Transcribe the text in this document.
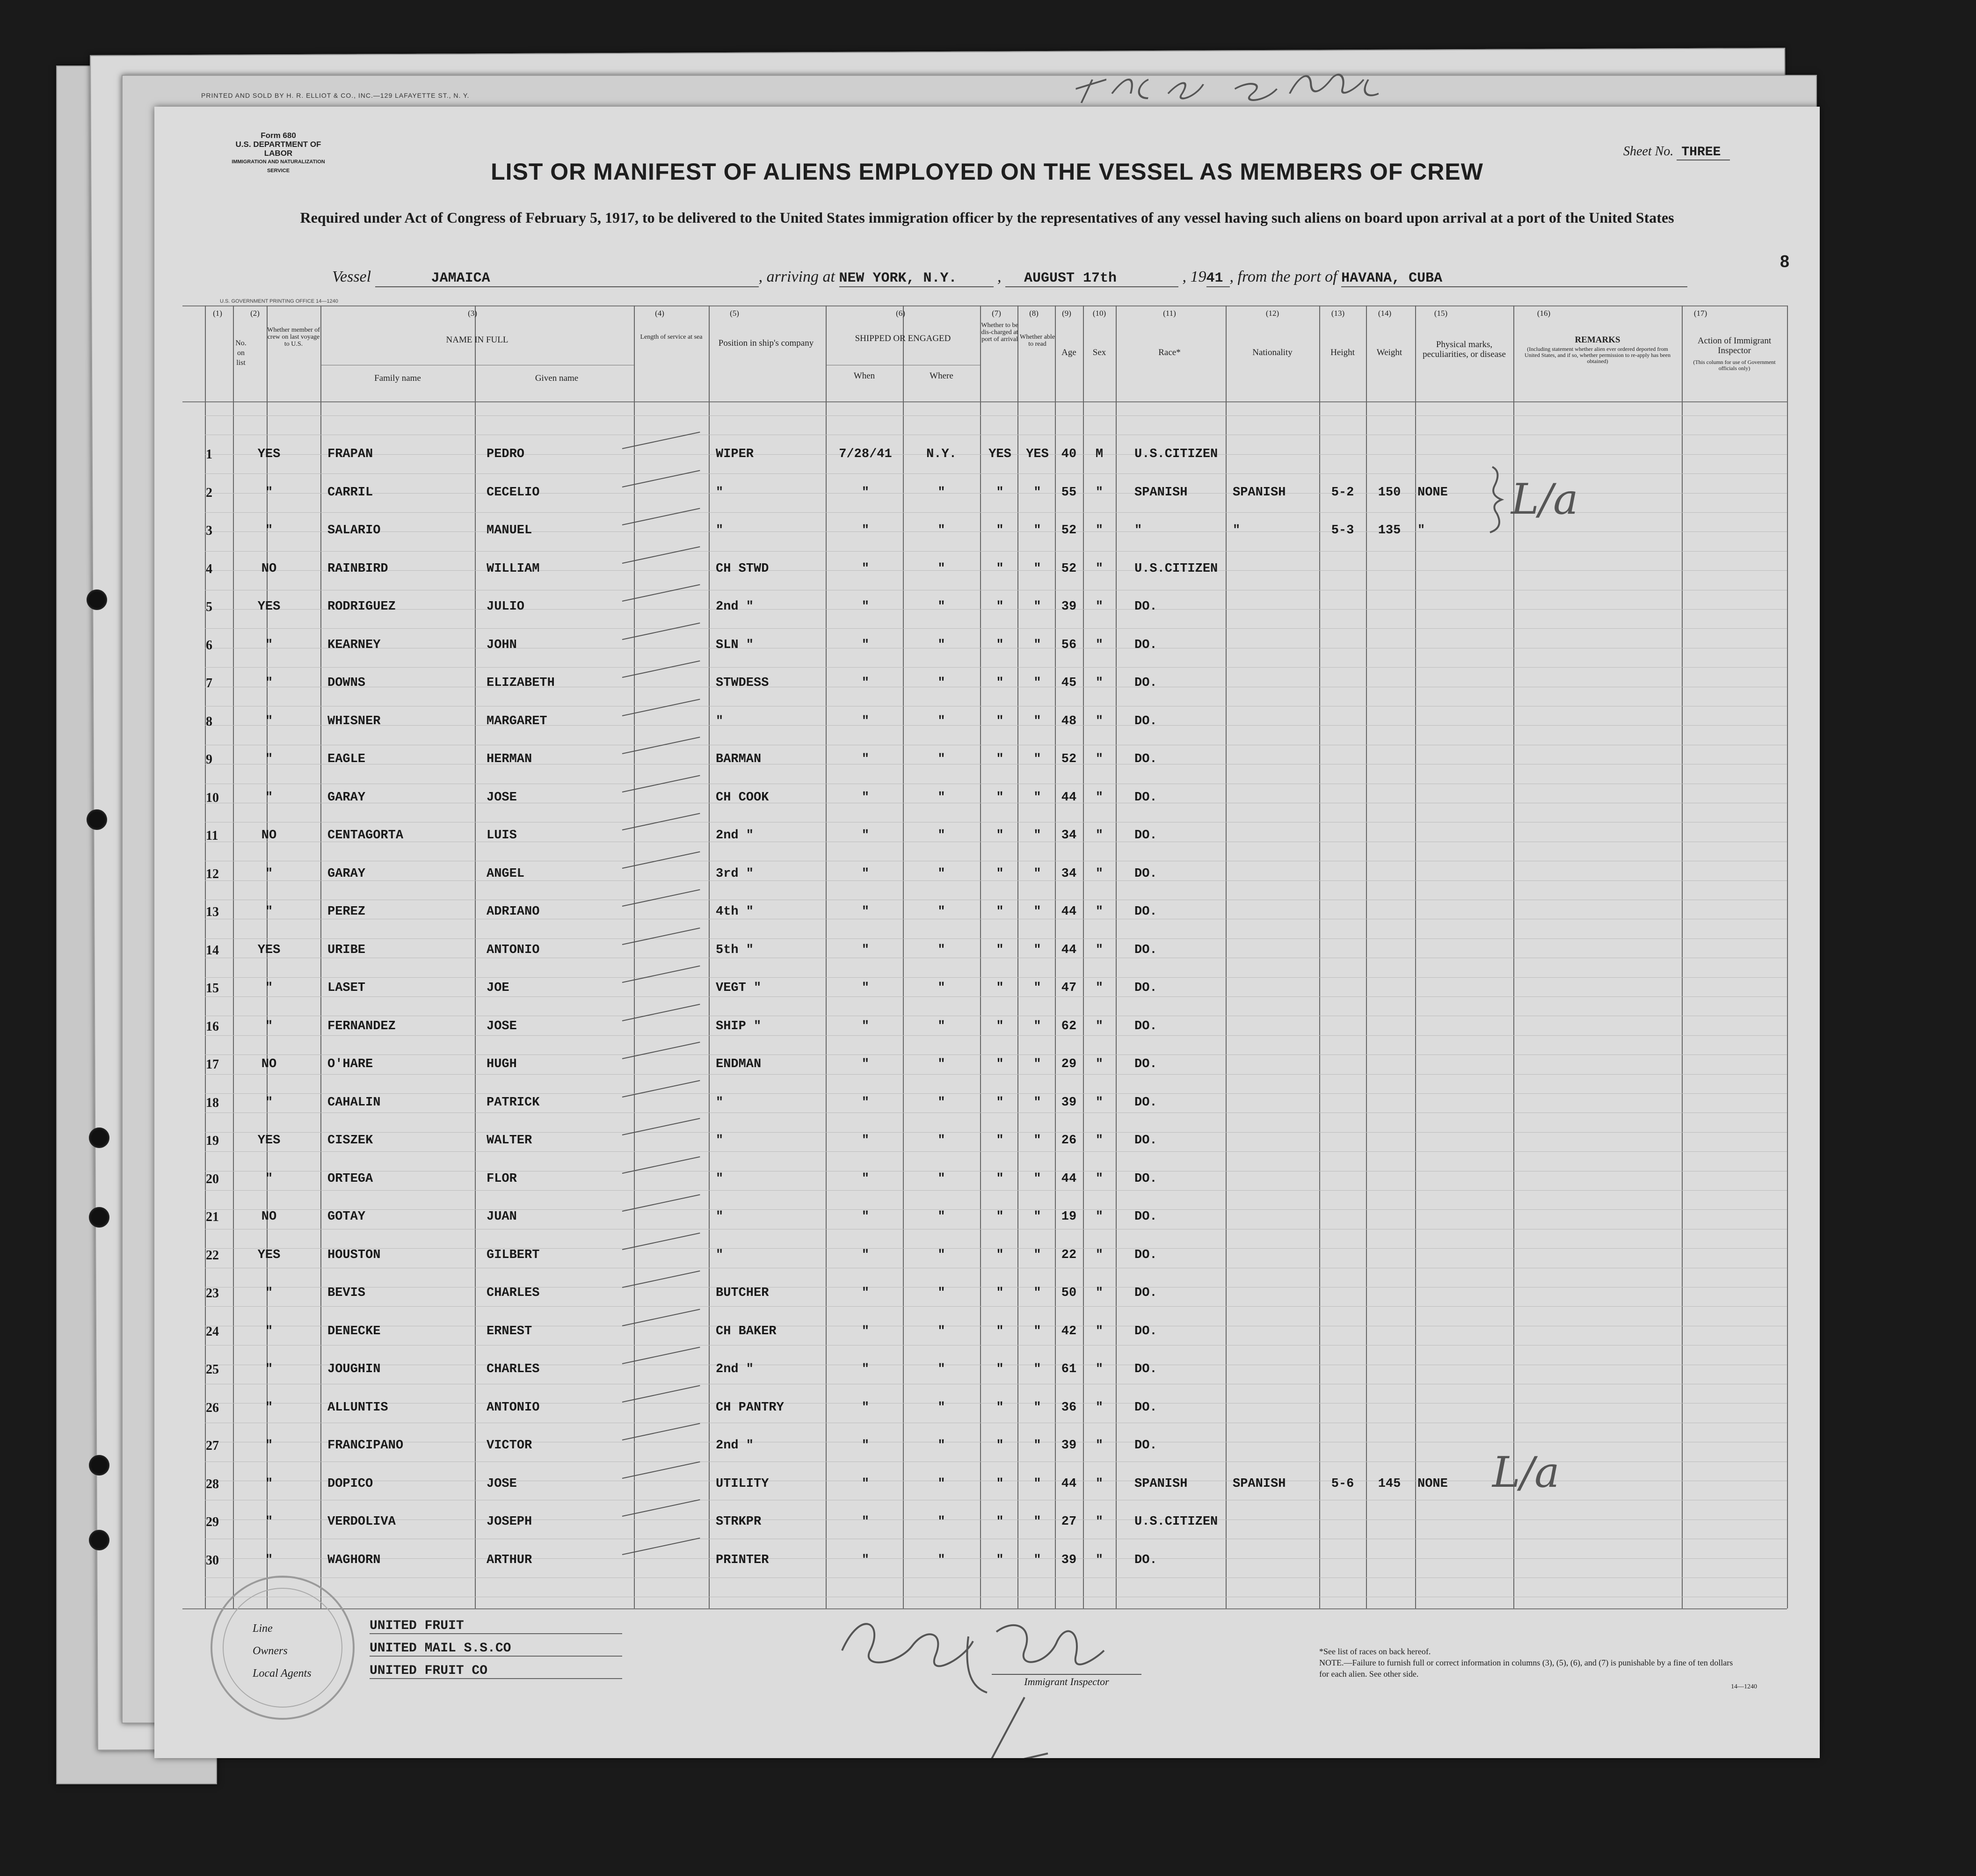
PRINTED AND SOLD BY H. R. ELLIOT & CO., INC.—129 LAFAYETTE ST., N. Y.
Form 680
U.S. DEPARTMENT OF LABOR
IMMIGRATION AND NATURALIZATION SERVICE
Sheet No. THREE
LIST OR MANIFEST OF ALIENS EMPLOYED ON THE VESSEL AS MEMBERS OF CREW
Required under Act of Congress of February 5, 1917, to be delivered to the United States immigration officer by the representatives of any vessel having such aliens on board upon arrival at a port of the United States
8
Vessel	JAMAICA	, arriving at NEW YORK, N.Y. , AUGUST 17th	, 1941 , from the port of HAVANA, CUBA
U.S. GOVERNMENT PRINTING OFFICE 14—1240
(1)	(2)	(3)	(4)	(5)	(6)	(7)	(8)	(9)	(10)	(11)	(12)	(13)	(14)	(15)	(16)	(17)
No. on list
Whether member of crew on last voyage to U.S.	NAME IN FULL
Family name	Given name
Length of service at sea
Position in ship's company	SHIPPED OR ENGAGED
When	Where
Whether to be dis-charged at port of arrival Whether able to read
Age	Sex	Race*	Nationality	Height	Weight
Physical marks, peculiarities, or disease
REMARKS
(Including statement whether alien ever ordered deported from United States, and if so, whether permission to re-apply has been obtained)
Action of Immigrant Inspector
(This column for use of Government officials only)
1	YES	FRAPAN	PEDRO	WIPER	7/28/41	N.Y.	YES	YES	40	M	U.S.CITIZEN
2	"	CARRIL	CECELIO	"	"	"	"	"	55	"	SPANISH	SPANISH	5-2	150	NONE
3	"	SALARIO	MANUEL	"	"	"	"	"	52	"	"	"	5-3	135	"
4	NO	RAINBIRD	WILLIAM	CH STWD	"	"	"	"	52	"	U.S.CITIZEN
5	YES	RODRIGUEZ	JULIO	2nd "	"	"	"	"	39	"	DO.
6	"	KEARNEY	JOHN	SLN "	"	"	"	"	56	"	DO.
7	"	DOWNS	ELIZABETH	STWDESS	"	"	"	"	45	"	DO.
8	"	WHISNER	MARGARET	"	"	"	"	"	48	"	DO.
9	"	EAGLE	HERMAN	BARMAN	"	"	"	"	52	"	DO.
10	"	GARAY	JOSE	CH COOK	"	"	"	"	44	"	DO.
11	NO	CENTAGORTA	LUIS	2nd "	"	"	"	"	34	"	DO.
12	"	GARAY	ANGEL	3rd "	"	"	"	"	34	"	DO.
13	"	PEREZ	ADRIANO	4th "	"	"	"	"	44	"	DO.
14	YES	URIBE	ANTONIO	5th "	"	"	"	"	44	"	DO.
15	"	LASET	JOE	VEGT "	"	"	"	"	47	"	DO.
16	"	FERNANDEZ	JOSE	SHIP "	"	"	"	"	62	"	DO.
17	NO	O'HARE	HUGH	ENDMAN	"	"	"	"	29	"	DO.
18	"	CAHALIN	PATRICK	"	"	"	"	"	39	"	DO.
19	YES	CISZEK	WALTER	"	"	"	"	"	26	"	DO.
20	"	ORTEGA	FLOR	"	"	"	"	"	44	"	DO.
21	NO	GOTAY	JUAN	"	"	"	"	"	19	"	DO.
22	YES	HOUSTON	GILBERT	"	"	"	"	"	22	"	DO.
23	"	BEVIS	CHARLES	BUTCHER	"	"	"	"	50	"	DO.
24	"	DENECKE	ERNEST	CH BAKER	"	"	"	"	42	"	DO.
25	"	JOUGHIN	CHARLES	2nd "	"	"	"	"	61	"	DO.
26	"	ALLUNTIS	ANTONIO	CH PANTRY	"	"	"	"	36	"	DO.
27	"	FRANCIPANO	VICTOR	2nd "	"	"	"	"	39	"	DO.
28	"	DOPICO	JOSE	UTILITY	"	"	"	"	44	"	SPANISH	SPANISH	5-6	145	NONE
29	"	VERDOLIVA	JOSEPH	STRKPR	"	"	"	"	27	"	U.S.CITIZEN
30	"	WAGHORN	ARTHUR	PRINTER	"	"	"	"	39	"	DO.
L/a
L/a
Line	UNITED FRUIT
Owners	UNITED MAIL S.S.CO
Local Agents	UNITED FRUIT CO
Immigrant Inspector
*See list of races on back hereof.
NOTE.—Failure to furnish full or correct information in columns (3), (5), (6), and (7) is punishable by a fine of ten dollars for each alien. See other side.
14—1240
